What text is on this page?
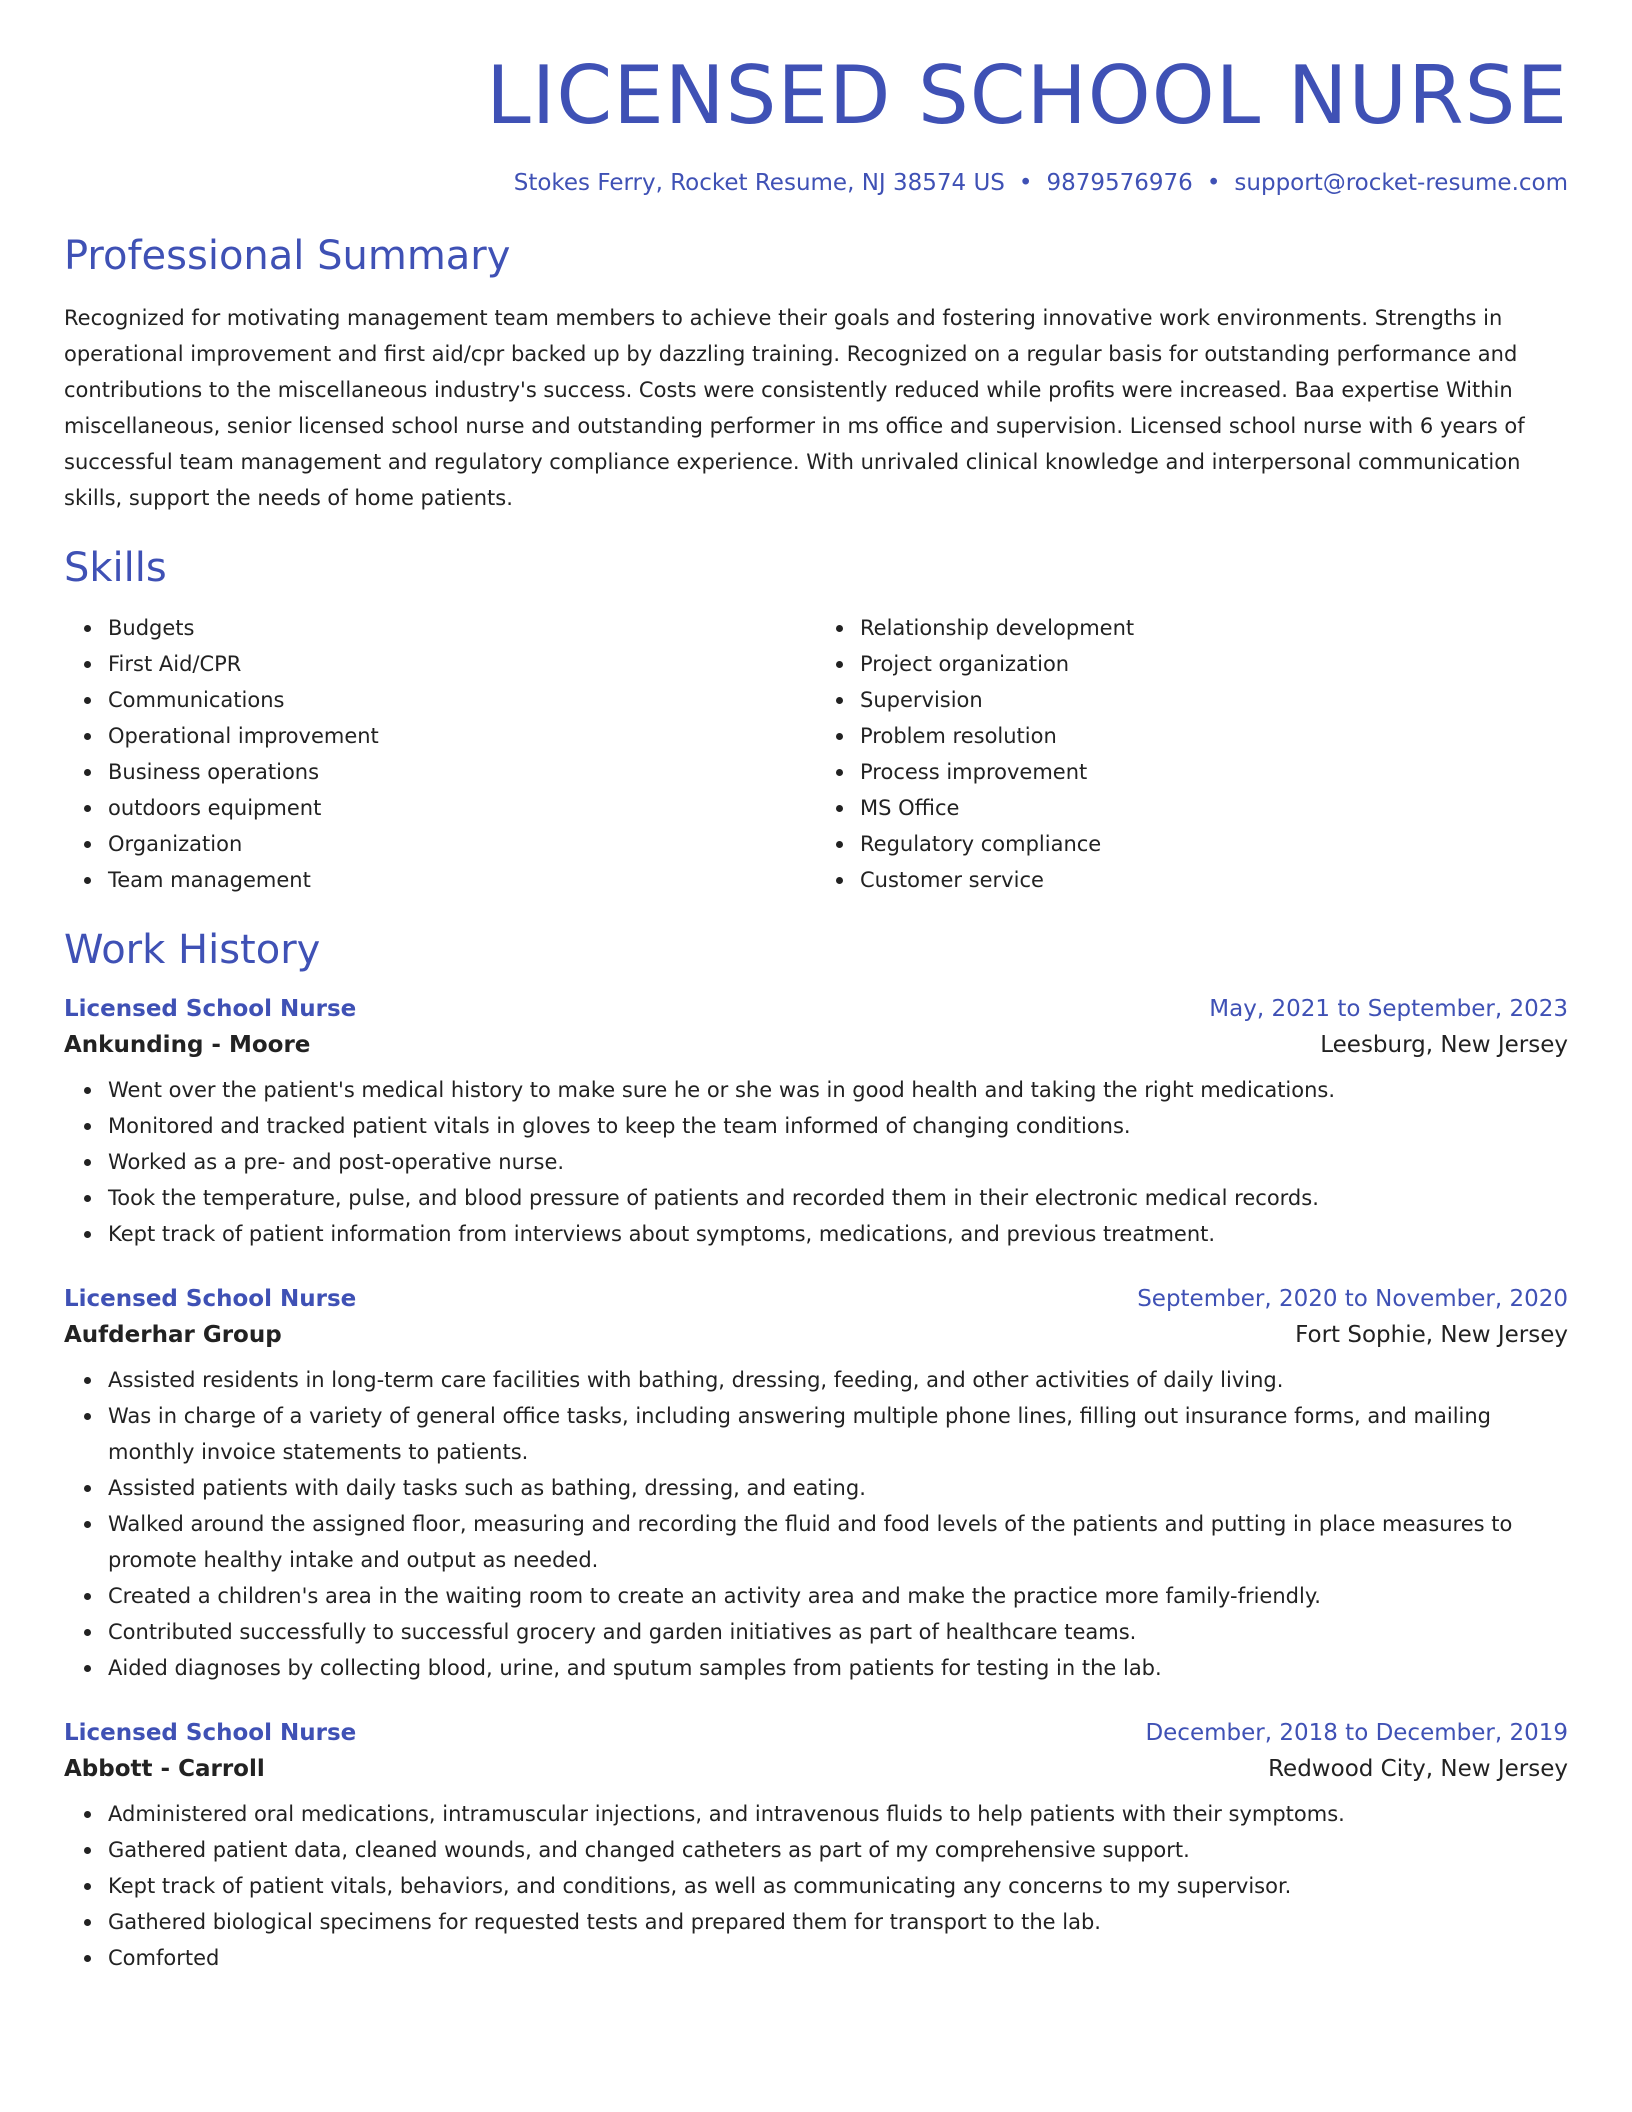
LICENSED SCHOOL NURSE
Stokes Ferry, Rocket Resume, NJ 38574 US • 9879576976 • support@rocket-resume.com
Professional Summary

Recognized for motivating management team members to achieve their goals and fostering innovative work environments. Strengths in operational improvement and first aid/cpr backed up by dazzling training. Recognized on a regular basis for outstanding performance and contributions to the miscellaneous industry's success. Costs were consistently reduced while profits were increased. Baa expertise Within miscellaneous, senior licensed school nurse and outstanding performer in ms office and supervision. Licensed school nurse with 6 years of successful team management and regulatory compliance experience. With unrivaled clinical knowledge and interpersonal communication skills, support the needs of home patients.

Skills
Budgets
First Aid/CPR
Communications
Operational improvement
Business operations
outdoors equipment
Organization
Team management
Relationship development
Project organization
Supervision
Problem resolution
Process improvement
MS Office
Regulatory compliance
Customer service
Work History
Licensed School Nurse	May, 2021 to September, 2023
Ankunding - Moore	Leesburg, New Jersey
Went over the patient's medical history to make sure he or she was in good health and taking the right medications.
Monitored and tracked patient vitals in gloves to keep the team informed of changing conditions.
Worked as a pre- and post-operative nurse.
Took the temperature, pulse, and blood pressure of patients and recorded them in their electronic medical records.
Kept track of patient information from interviews about symptoms, medications, and previous treatment.
Licensed School Nurse	September, 2020 to November, 2020
Aufderhar Group	Fort Sophie, New Jersey
Assisted residents in long-term care facilities with bathing, dressing, feeding, and other activities of daily living.
Was in charge of a variety of general office tasks, including answering multiple phone lines, filling out insurance forms, and mailing monthly invoice statements to patients.
Assisted patients with daily tasks such as bathing, dressing, and eating.
Walked around the assigned floor, measuring and recording the fluid and food levels of the patients and putting in place measures to promote healthy intake and output as needed.
Created a children's area in the waiting room to create an activity area and make the practice more family-friendly.
Contributed successfully to successful grocery and garden initiatives as part of healthcare teams.
Aided diagnoses by collecting blood, urine, and sputum samples from patients for testing in the lab.
Licensed School Nurse	December, 2018 to December, 2019
Abbott - Carroll	Redwood City, New Jersey
Administered oral medications, intramuscular injections, and intravenous fluids to help patients with their symptoms.
Gathered patient data, cleaned wounds, and changed catheters as part of my comprehensive support.
Kept track of patient vitals, behaviors, and conditions, as well as communicating any concerns to my supervisor.
Gathered biological specimens for requested tests and prepared them for transport to the lab.
Comforted
